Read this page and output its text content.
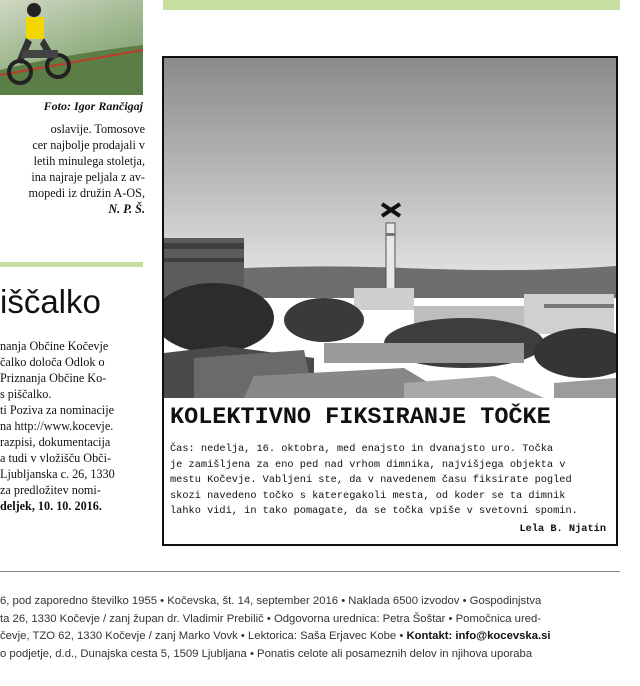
Foto: Igor Rančigaj
oslavije. Tomosove
cer najbolje prodajali v
letih minulega stoletja,
ina najraje peljala z av-
mopedi iz družin A-OS,
N. P. Š.
iščalko
nanja Občine Kočevje
čalko določa Odlok o
Priznanja Občine Ko-
s piščalko.
ti Poziva za nominacije
na http://www.kocevje.
razpisi, dokumentacija
a tudi v vložišču Obči-
Ljubljanska c. 26, 1330
za predložitev nomi-
deljek, 10. 10. 2016.
KOLEKTIVNO FIKSIRANJE TOČKE
Čas: nedelja, 16. oktobra, med enajsto in dvanajsto uro. Točka
je zamišljena za eno ped nad vrhom dimnika, najvišjega objekta v
mestu Kočevje. Vabljeni ste, da v navedenem času fiksirate pogled
skozi navedeno točko s kateregakoli mesta, od koder se ta dimnik
lahko vidi, in tako pomagate, da se točka vpiše v svetovni spomin.
Lela B. Njatin
6, pod zaporedno številko 1955 • Kočevska, št. 14, september 2016 • Naklada 6500 izvodov • Gospodinjstva
ta 26, 1330 Kočevje / zanj župan dr. Vladimir Prebilič • Odgovorna urednica: Petra Šoštar • Pomočnica ured-
čevje, TZO 62, 1330 Kočevje / zanj Marko Vovk • Lektorica: Saša Erjavec Kobe • Kontakt: info@kocevska.si
o podjetje, d.d., Dunajska cesta 5, 1509 Ljubljana • Ponatis celote ali posameznih delov in njihova uporaba
